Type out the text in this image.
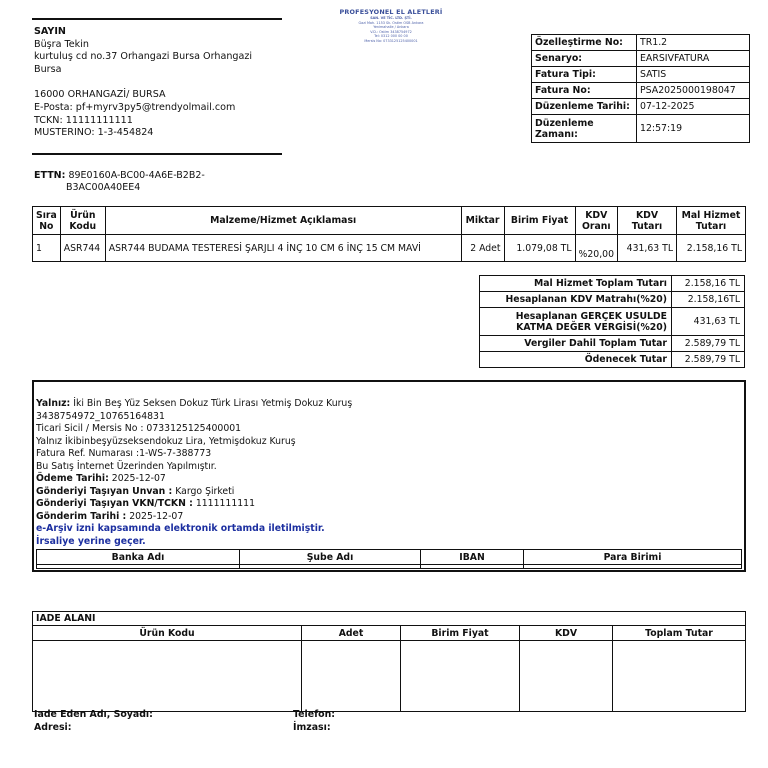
SAYIN
Büşra Tekin
kurtuluş cd no.37 Orhangazi Bursa Orhangazi
Bursa
16000 ORHANGAZİ/ BURSA
E-Posta: pf+myrv3py5@trendyolmail.com
TCKN: 11111111111
MUSTERINO: 1-3-454824
PROFESYONEL EL ALETLERİ
SAN. VE TİC. LTD. ŞTİ.
Gazi Mah. 1153 Sk. Ostim OSB Ankara
Yenimahalle / Ankara
V.D.: Ostim 3438754972
Tel: 0312 000 00 00
Mersis No: 0733125125400001	Özelleştirme No:	TR1.2
Senaryo:	EARSIVFATURA
Fatura Tipi:	SATIS
Fatura No:	PSA2025000198047
Düzenleme Tarihi:	07-12-2025
Düzenleme Zamanı:	12:57:19
ETTN: 89E0160A-BC00-4A6E-B2B2-
B3AC00A40EE4
Sıra No	Ürün Kodu	Malzeme/Hizmet Açıklaması	Miktar	Birim Fiyat	KDV Oranı	KDV Tutarı	Mal Hizmet Tutarı
1	ASR744	ASR744 BUDAMA TESTERESİ ŞARJLI 4 İNÇ 10 CM 6 İNÇ 15 CM MAVİ	2 Adet	1.079,08 TL	%20,00	431,63 TL	2.158,16 TL
Mal Hizmet Toplam Tutarı	2.158,16 TL
Hesaplanan KDV Matrahı(%20)	2.158,16TL
Hesaplanan GERÇEK USULDE KATMA DEĞER VERGİSİ(%20)	431,63 TL
Vergiler Dahil Toplam Tutar	2.589,79 TL
Ödenecek Tutar	2.589,79 TL
Yalnız: İki Bin Beş Yüz Seksen Dokuz Türk Lirası Yetmiş Dokuz Kuruş
3438754972_10765164831
Ticari Sicil / Mersis No : 0733125125400001
Yalnız İkibinbeşyüzseksendokuz Lira, Yetmişdokuz Kuruş
Fatura Ref. Numarası :1-WS-7-388773
Bu Satış İnternet Üzerinden Yapılmıştır.
Ödeme Tarihi: 2025-12-07
Gönderiyi Taşıyan Unvan : Kargo Şirketi
Gönderiyi Taşıyan VKN/TCKN : 1111111111
Gönderim Tarihi : 2025-12-07
e-Arşiv izni kapsamında elektronik ortamda iletilmiştir.
İrsaliye yerine geçer.
Banka Adı	Şube Adı	IBAN	Para Birimi

IADE ALANI				
Ürün Kodu	Adet	Birim Fiyat	KDV	Toplam Tutar

Iade Eden Adı, Soyadı:
Adresi:
Telefon:
İmzası:
